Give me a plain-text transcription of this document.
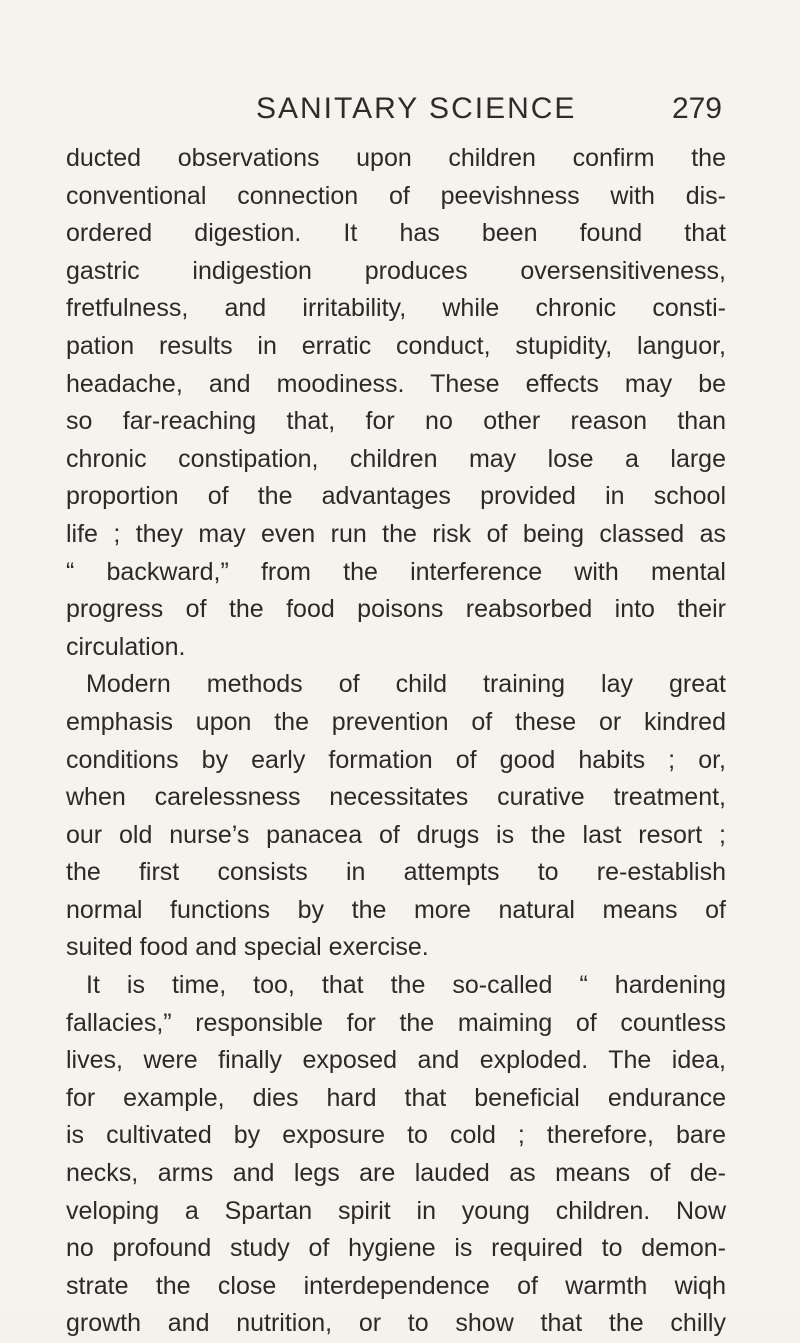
SANITARY SCIENCE	279
ducted observations upon children confirm the
conventional connection of peevishness with dis-
ordered digestion. It has been found that
gastric indigestion produces oversensitiveness,
fretfulness, and irritability, while chronic consti-
pation results in erratic conduct, stupidity, languor,
headache, and moodiness. These effects may be
so far-reaching that, for no other reason than
chronic constipation, children may lose a large
proportion of the advantages provided in school
life ; they may even run the risk of being classed as
“ backward,” from the interference with mental
progress of the food poisons reabsorbed into their
circulation.
Modern methods of child training lay great
emphasis upon the prevention of these or kindred
conditions by early formation of good habits ; or,
when carelessness necessitates curative treatment,
our old nurse’s panacea of drugs is the last resort ;
the first consists in attempts to re-establish
normal functions by the more natural means of
suited food and special exercise.
It is time, too, that the so-called “ hardening
fallacies,” responsible for the maiming of countless
lives, were finally exposed and exploded. The idea,
for example, dies hard that beneficial endurance
is cultivated by exposure to cold ; therefore, bare
necks, arms and legs are lauded as means of de-
veloping a Spartan spirit in young children. Now
no profound study of hygiene is required to demon-
strate the close interdependence of warmth wiqh
growth and nutrition, or to show that the chilly
